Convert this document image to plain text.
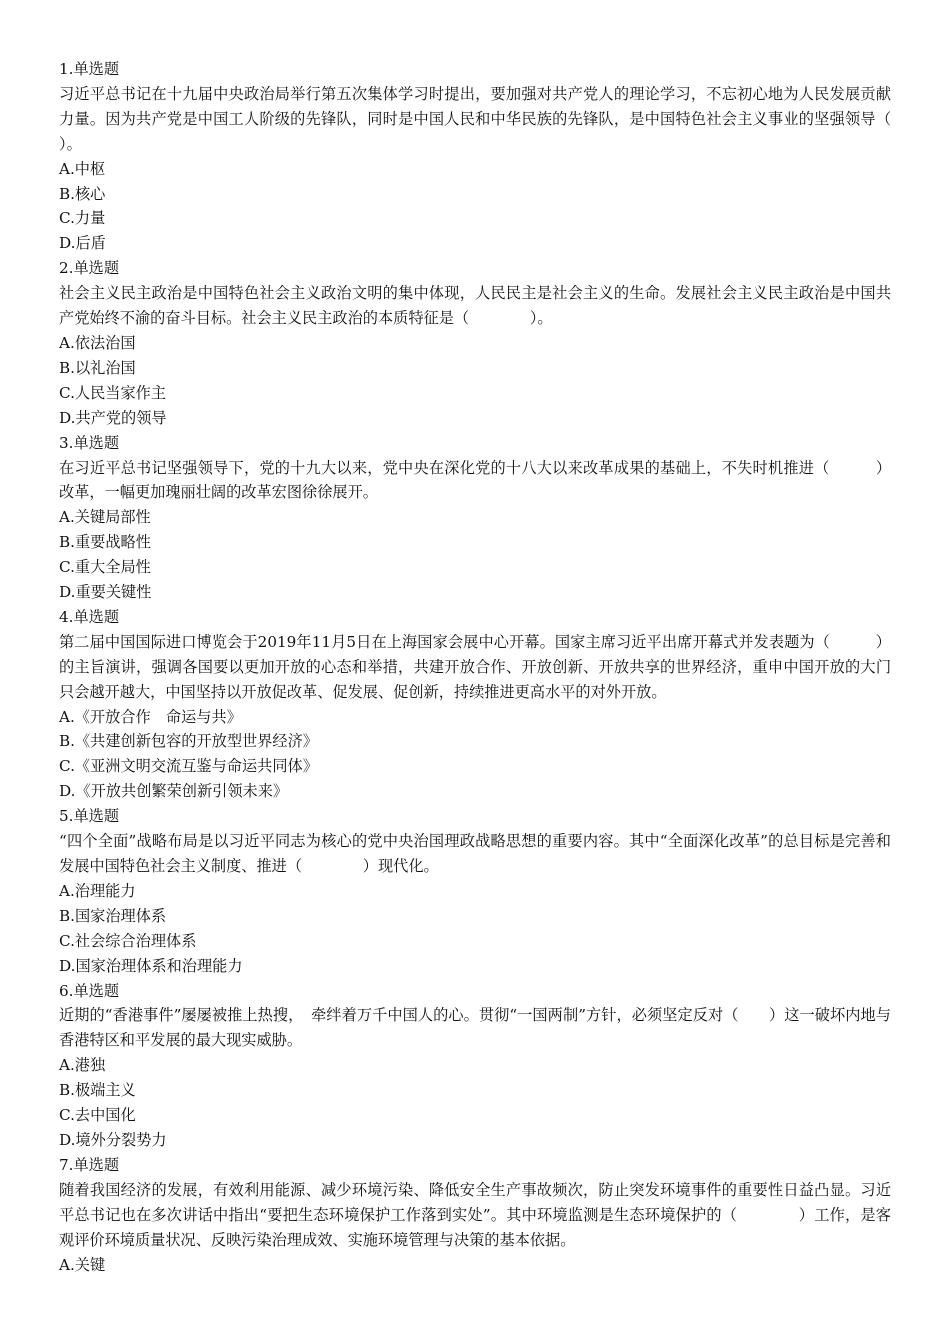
1.单选题
习近平总书记在十九届中央政治局举行第五次集体学习时提出，要加强对共产党人的理论学习，不忘初心地为人民发展贡献力量。因为共产党是中国工人阶级的先锋队，同时是中国人民和中华民族的先锋队，是中国特色社会主义事业的坚强领导（　　　）。
A.中枢
B.核心
C.力量
D.后盾
2.单选题
社会主义民主政治是中国特色社会主义政治文明的集中体现，人民民主是社会主义的生命。发展社会主义民主政治是中国共产党始终不渝的奋斗目标。社会主义民主政治的本质特征是（　　　　）。
A.依法治国
B.以礼治国
C.人民当家作主
D.共产党的领导
3.单选题
在习近平总书记坚强领导下，党的十九大以来，党中央在深化党的十八大以来改革成果的基础上，不失时机推进（　　　）改革，一幅更加瑰丽壮阔的改革宏图徐徐展开。
A.关键局部性
B.重要战略性
C.重大全局性
D.重要关键性
4.单选题
第二届中国国际进口博览会于2019年11月5日在上海国家会展中心开幕。国家主席习近平出席开幕式并发表题为（　　　）的主旨演讲，强调各国要以更加开放的心态和举措，共建开放合作、开放创新、开放共享的世界经济，重申中国开放的大门只会越开越大，中国坚持以开放促改革、促发展、促创新，持续推进更高水平的对外开放。
A.《开放合作　命运与共》
B.《共建创新包容的开放型世界经济》
C.《亚洲文明交流互鉴与命运共同体》
D.《开放共创繁荣创新引领未来》
5.单选题
“四个全面”战略布局是以习近平同志为核心的党中央治国理政战略思想的重要内容。其中“全面深化改革”的总目标是完善和发展中国特色社会主义制度、推进（　　　　）现代化。
A.治理能力
B.国家治理体系
C.社会综合治理体系
D.国家治理体系和治理能力
6.单选题
近期的“香港事件”屡屡被推上热搜，　牵绊着万千中国人的心。贯彻“一国两制”方针，必须坚定反对（　　）这一破坏内地与香港特区和平发展的最大现实威胁。
A.港独
B.极端主义
C.去中国化
D.境外分裂势力
7.单选题
随着我国经济的发展，有效利用能源、减少环境污染、降低安全生产事故频次，防止突发环境事件的重要性日益凸显。习近平总书记也在多次讲话中指出“要把生态环境保护工作落到实处”。其中环境监测是生态环境保护的（　　　　）工作，是客观评价环境质量状况、反映污染治理成效、实施环境管理与决策的基本依据。
A.关键
